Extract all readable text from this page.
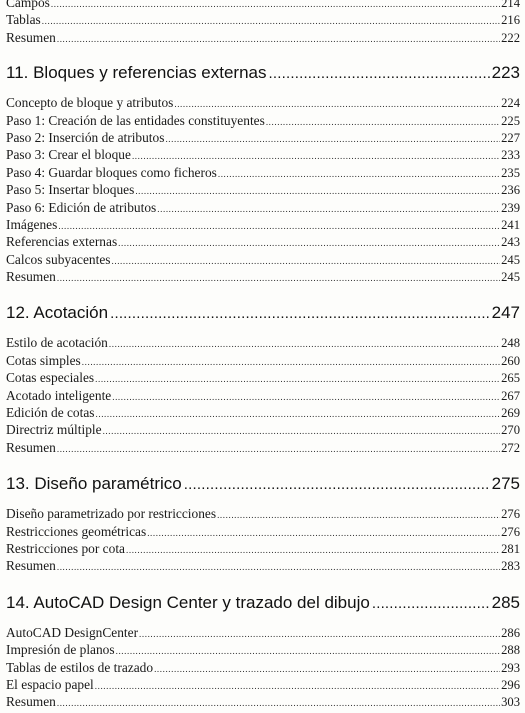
Campos .....	214
Tablas .....	216
Resumen .....	222
11. Bloques y referencias externas .....	223
Concepto de bloque y atributos .....	224
Paso 1: Creación de las entidades constituyentes .....	225
Paso 2: Inserción de atributos .....	227
Paso 3: Crear el bloque .....	233
Paso 4: Guardar bloques como ficheros .....	235
Paso 5: Insertar bloques .....	236
Paso 6: Edición de atributos .....	239
Imágenes .....	241
Referencias externas .....	243
Calcos subyacentes .....	245
Resumen .....	245
12. Acotación .....	247
Estilo de acotación .....	248
Cotas simples .....	260
Cotas especiales .....	265
Acotado inteligente .....	267
Edición de cotas .....	269
Directriz múltiple .....	270
Resumen .....	272
13. Diseño paramétrico .....	275
Diseño parametrizado por restricciones .....	276
Restricciones geométricas .....	276
Restricciones por cota .....	281
Resumen .....	283
14. AutoCAD Design Center y trazado del dibujo .....	285
AutoCAD DesignCenter .....	286
Impresión de planos .....	288
Tablas de estilos de trazado .....	293
El espacio papel .....	296
Resumen .....	303
